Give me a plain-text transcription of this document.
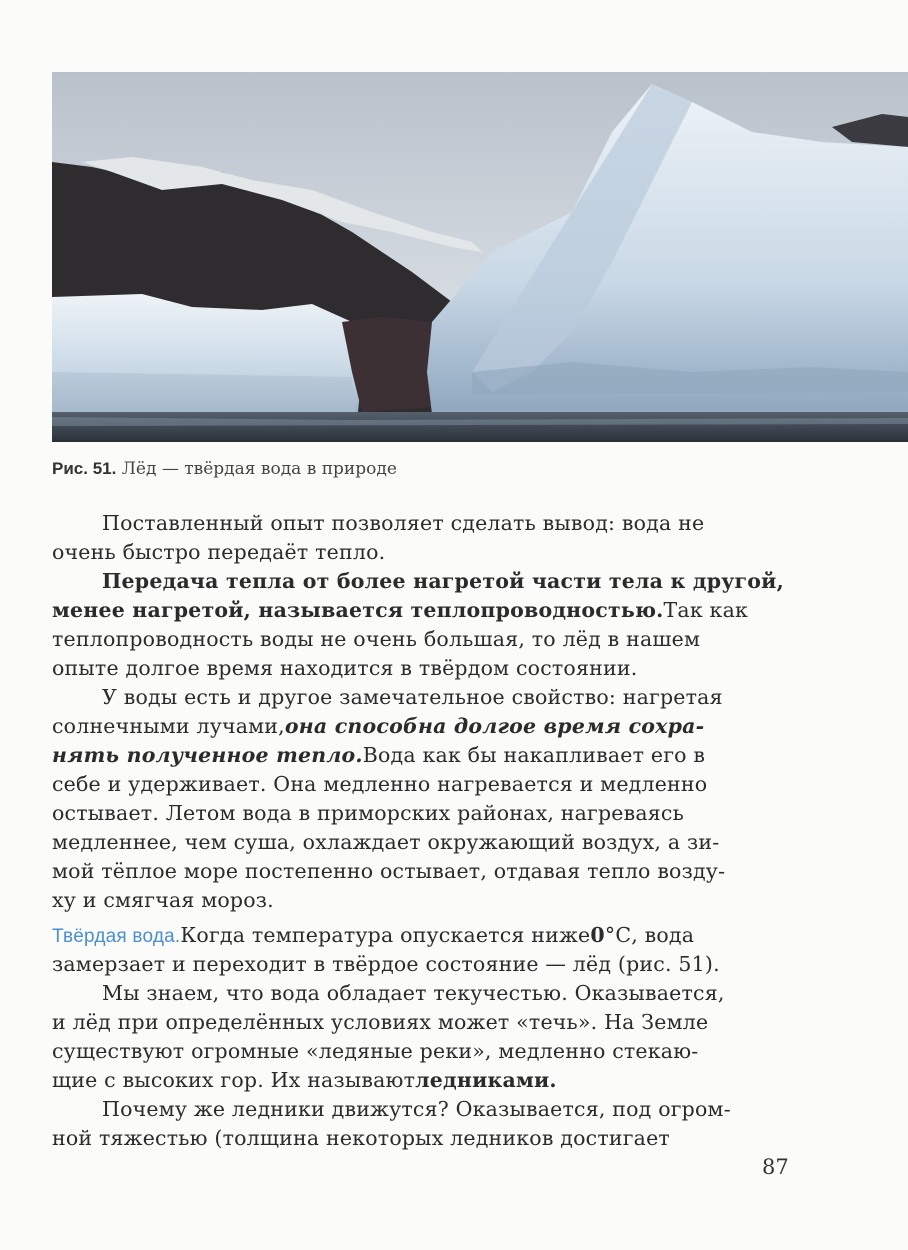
Рис. 51. Лёд — твёрдая вода в природе
Поставленный опыт позволяет сделать вывод: вода не
очень быстро передаёт тепло.
Передача тепла от более нагретой части тела к другой,
менее нагретой, называется теплопроводностью.Так как
теплопроводность воды не очень большая, то лёд в нашем
опыте долгое время находится в твёрдом состоянии.
У воды есть и другое замечательное свойство: нагретая
солнечными лучами,она способна долгое время сохра-
нять полученное тепло.Вода как бы накапливает его в
себе и удерживает. Она медленно нагревается и медленно
остывает. Летом вода в приморских районах, нагреваясь
медленнее, чем суша, охлаждает окружающий воздух, а зи-
мой тёплое море постепенно остывает, отдавая тепло возду-
ху и смягчая мороз.
Твёрдая вода.Когда температура опускается ниже0°С, вода
замерзает и переходит в твёрдое состояние — лёд (рис. 51).
Мы знаем, что вода обладает текучестью. Оказывается,
и лёд при определённых условиях может «течь». На Земле
существуют огромные «ледяные реки», медленно стекаю-
щие с высоких гор. Их называютледниками.
Почему же ледники движутся? Оказывается, под огром-
ной тяжестью (толщина некоторых ледников достигает
87
